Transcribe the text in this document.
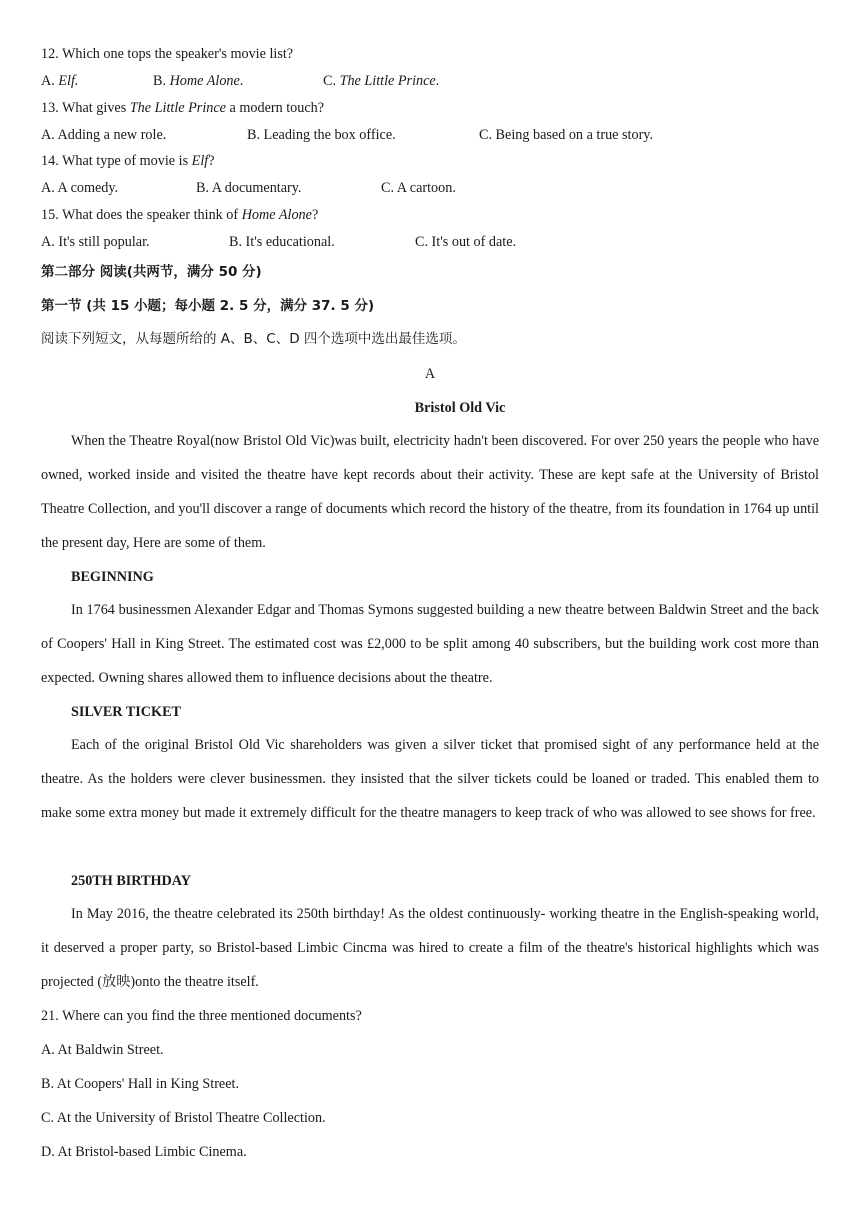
12. Which one tops the speaker's movie list?
A. Elf.	B. Home Alone.	C. The Little Prince.
13. What gives The Little Prince a modern touch?
A. Adding a new role.	B. Leading the box office.	C. Being based on a true story.
14. What type of movie is Elf?
A. A comedy.	B. A documentary.	C. A cartoon.
15. What does the speaker think of Home Alone?
A. It's still popular.	B. It's educational.	C. It's out of date.
第二部分 阅读(共两节，满分 50 分)
第一节 (共 15 小题；每小题 2. 5 分，满分 37. 5 分)
阅读下列短文，从每题所给的 A、B、C、D 四个选项中选出最佳选项。
A
Bristol Old Vic
When the Theatre Royal(now Bristol Old Vic)was built, electricity hadn't been discovered. For over 250 years the people who have owned, worked inside and visited the theatre have kept records about their activity. These are kept safe at the University of Bristol Theatre Collection, and you'll discover a range of documents which record the history of the theatre, from its foundation in 1764 up until the present day, Here are some of them.
BEGINNING
In 1764 businessmen Alexander Edgar and Thomas Symons suggested building a new theatre between Baldwin Street and the back of Coopers' Hall in King Street. The estimated cost was £2,000 to be split among 40 subscribers, but the building work cost more than expected. Owning shares allowed them to influence decisions about the theatre.
SILVER TICKET
Each of the original Bristol Old Vic shareholders was given a silver ticket that promised sight of any performance held at the theatre. As the holders were clever businessmen. they insisted that the silver tickets could be loaned or traded. This enabled them to make some extra money but made it extremely difficult for the theatre managers to keep track of who was allowed to see shows for free.
250TH BIRTHDAY
In May 2016, the theatre celebrated its 250th birthday! As the oldest continuously- working theatre in the English-speaking world, it deserved a proper party, so Bristol-based Limbic Cincma was hired to create a film of the theatre's historical highlights which was projected (放映)onto the theatre itself.
21. Where can you find the three mentioned documents?
A. At Baldwin Street.
B. At Coopers' Hall in King Street.
C. At the University of Bristol Theatre Collection.
D. At Bristol-based Limbic Cinema.
